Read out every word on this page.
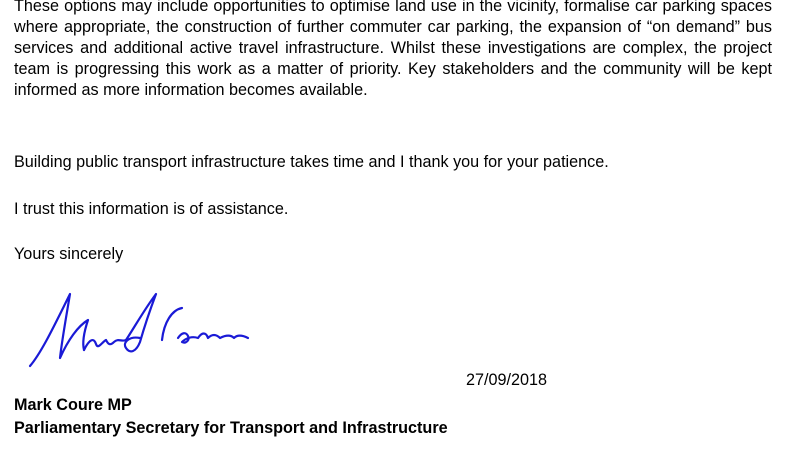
These options may include opportunities to optimise land use in the vicinity, formalise car parking spaces where appropriate, the construction of further commuter car parking, the expansion of “on demand” bus services and additional active travel infrastructure. Whilst these investigations are complex, the project team is progressing this work as a matter of priority. Key stakeholders and the community will be kept informed as more information becomes available.

Building public transport infrastructure takes time and I thank you for your patience.

I trust this information is of assistance.

Yours sincerely

27/09/2018
Mark Coure MP
Parliamentary Secretary for Transport and Infrastructure
